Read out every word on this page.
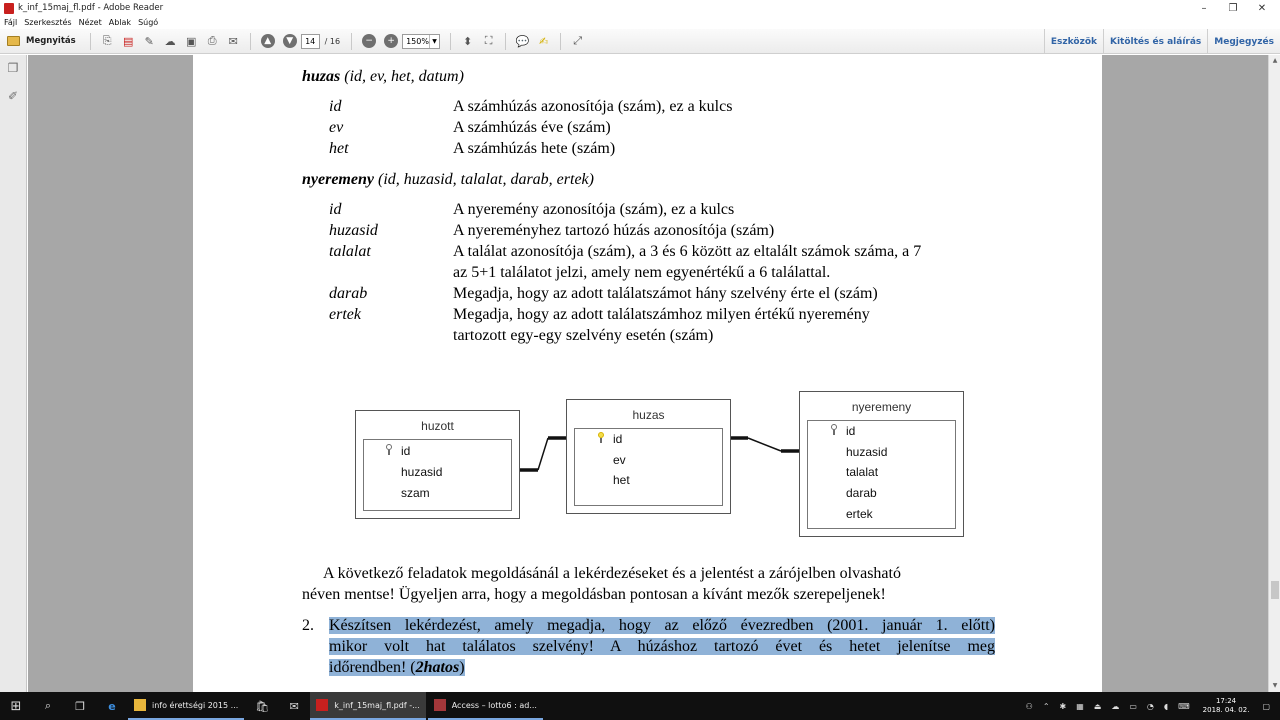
k_inf_15maj_fl.pdf - Adobe Reader	–	❐	✕
Fájl Szerkesztés Nézet Ablak Súgó
Megnyitás	⎘	▤	✎ ☁ ▣	⎙	✉	▲	▼	14	/ 16	−	+	150% ▼	⬍	⛶	💬 ✍	⤢	Eszközök	Kitöltés és aláírás	Megjegyzés
❐
✐
huzas (id, ev, het, datum)
id	A számhúzás azonosítója (szám), ez a kulcs
ev	A számhúzás éve (szám)
het	A számhúzás hete (szám)
nyeremeny (id, huzasid, talalat, darab, ertek)
id	A nyeremény azonosítója (szám), ez a kulcs
huzasid	A nyereményhez tartozó húzás azonosítója (szám)
talalat	A találat azonosítója (szám), a 3 és 6 között az eltalált számok száma, a 7
az 5+1 találatot jelzi, amely nem egyenértékű a 6 találattal.
darab	Megadja, hogy az adott találatszámot hány szelvény érte el (szám)
ertek	Megadja, hogy az adott találatszámhoz milyen értékű nyeremény
tartozott egy-egy szelvény esetén (szám)
huzott
id
huzasid
szam
huzas
id
ev
het
nyeremeny
id
huzasid
talalat
darab
ertek
A következő feladatok megoldásánál a lekérdezéseket és a jelentést a zárójelben olvasható
néven mentse! Ügyeljen arra, hogy a megoldásban pontosan a kívánt mezők szerepeljenek!
2. Készítsen lekérdezést, amely megadja, hogy az előző évezredben (2001. január 1. előtt)
mikor volt hat találatos szelvény! A húzáshoz tartozó évet és hetet jelenítse meg
időrendben! (2hatos)
▲
▼
⊞	⌕	❐	e	info érettségi 2015 ...	🛍	✉	k_inf_15maj_fl.pdf -...	Access – lotto6 : ad...	⚇ ⌃ ✱ ▦ ⏏ ☁ ▭ ◔ ◖ ⌨
17:24
2018. 04. 02. ▢
